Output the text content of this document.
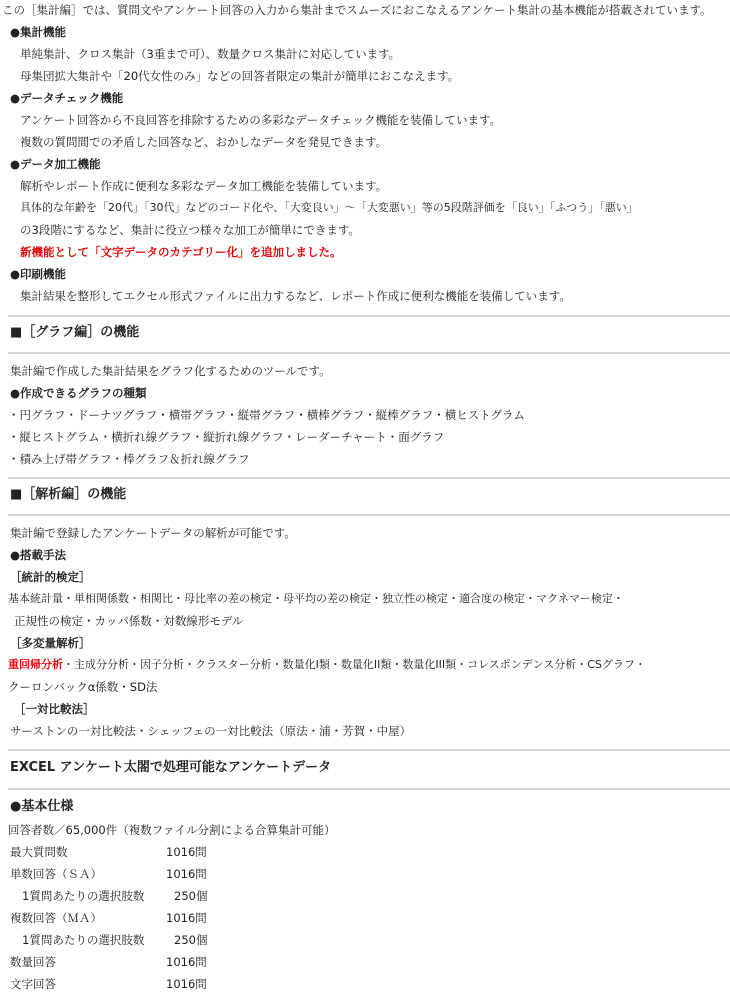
この［集計編］では、質問文やアンケート回答の入力から集計までスムーズにおこなえるアンケート集計の基本機能が搭載されています。
●集計機能
単純集計、クロス集計（3重まで可）、数量クロス集計に対応しています。
母集団拡大集計や「20代女性のみ」などの回答者限定の集計が簡単におこなえます。
●データチェック機能
アンケート回答から不良回答を排除するための多彩なデータチェック機能を装備しています。
複数の質問間での矛盾した回答など、おかしなデータを発見できます。
●データ加工機能
解析やレポート作成に便利な多彩なデータ加工機能を装備しています。
具体的な年齢を「20代」「30代」などのコード化や、「大変良い」～「大変悪い」等の5段階評価を「良い」「ふつう」「悪い」
の3段階にするなど、集計に役立つ様々な加工が簡単にできます。
新機能として「文字データのカテゴリー化」を追加しました。
●印刷機能
集計結果を整形してエクセル形式ファイルに出力するなど、レポート作成に便利な機能を装備しています。
■［グラフ編］の機能
集計編で作成した集計結果をグラフ化するためのツールです。
●作成できるグラフの種類
・円グラフ・ドーナツグラフ・横帯グラフ・縦帯グラフ・横棒グラフ・縦棒グラフ・横ヒストグラム
・縦ヒストグラム・横折れ線グラフ・縦折れ線グラフ・レーダーチャート・面グラフ
・積み上げ帯グラフ・棒グラフ＆折れ線グラフ
■［解析編］の機能
集計編で登録したアンケートデータの解析が可能です。
●搭載手法
［統計的検定］
基本統計量・単相関係数・相関比・母比率の差の検定・母平均の差の検定・独立性の検定・適合度の検定・マクネマー検定・
正規性の検定・カッパ係数・対数線形モデル
［多変量解析］
重回帰分析・主成分分析・因子分析・クラスター分析・数量化I類・数量化II類・数量化III類・コレスポンデンス分析・CSグラフ・
クーロンバックα係数・SD法
［一対比較法］
サーストンの一対比較法・シェッフェの一対比較法（原法・浦・芳賀・中屋）
EXCEL アンケート太閤で処理可能なアンケートデータ
●基本仕様
回答者数／65,000件（複数ファイル分割による合算集計可能）
最大質問数	1016問
単数回答（ＳＡ）	1016問
1質問あたりの選択肢数	250個
複数回答（ＭＡ）	1016問
1質問あたりの選択肢数	250個
数量回答	1016問
文字回答	1016問
